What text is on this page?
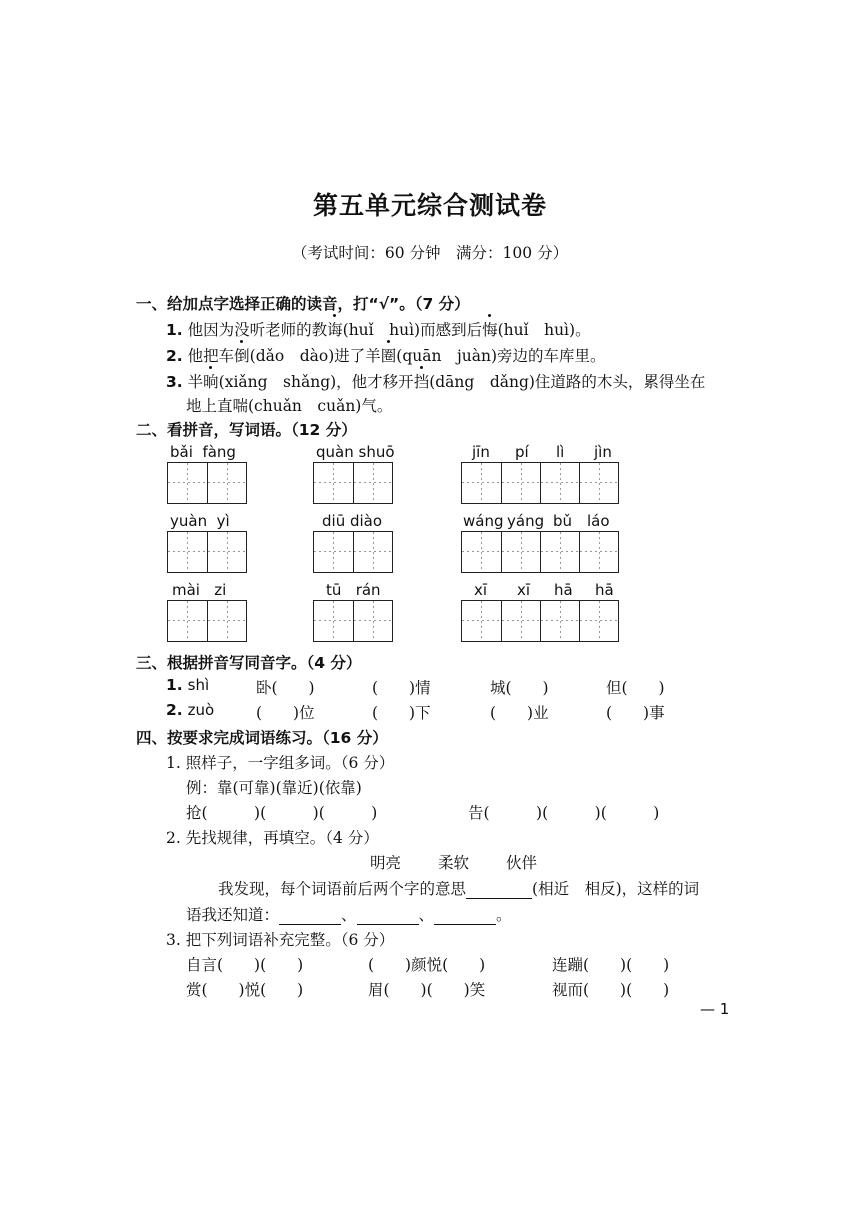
第五单元综合测试卷
（考试时间：60 分钟　满分：100 分）
一、给加点字选择正确的读音，打“√”。（7 分）
1. 他因为没听老师的教诲(huǐ　huì)而感到后悔(huǐ　huì)。
2. 他把车倒(dǎo　dào)进了羊圈(quān　juàn)旁边的车库里。
3. 半晌(xiǎng　shǎng)，他才移开挡(dāng　dǎng)住道路的木头，累得坐在
地上直喘(chuǎn　cuǎn)气。
二、看拼音，写词语。（12 分）
bǎi fàng	quàn shuō	jīn pí lì jìn
yuàn yì	diū diào	wáng yáng bǔ láo
mài zi	tū rán	xī xī hā hā
三、根据拼音写同音字。（4 分）
1. shì	卧(　　)	(　　)情	城(　　)	但(　　)
2. zuò	(　　)位	(　　)下	(　　)业	(　　)事
四、按要求完成词语练习。（16 分）
1. 照样子，一字组多词。（6 分）
例：靠(可靠)(靠近)(依靠)
抢(　　　)(　　　)(　　　)	告(　　　)(　　　)(　　　)
2. 先找规律，再填空。（4 分）
明亮 柔软 伙伴
我发现，每个词语前后两个字的意思	(相近　相反)，这样的词
语我还知道：	、	、	。
3. 把下列词语补充完整。（6 分）
自言(　　)(　　)	(　　)颜悦(　　)	连蹦(　　)(　　)
赏(　　)悦(　　)	眉(　　)(　　)笑	视而(　　)(　　)
— 1
